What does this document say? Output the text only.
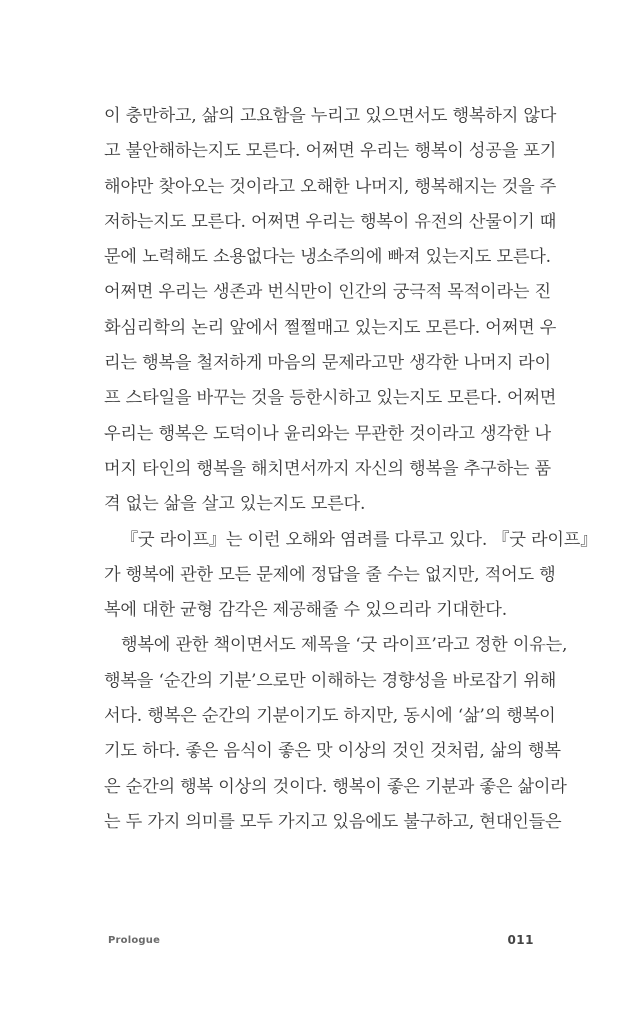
이 충만하고, 삶의 고요함을 누리고 있으면서도 행복하지 않다
고 불안해하는지도 모른다. 어쩌면 우리는 행복이 성공을 포기
해야만 찾아오는 것이라고 오해한 나머지, 행복해지는 것을 주
저하는지도 모른다. 어쩌면 우리는 행복이 유전의 산물이기 때
문에 노력해도 소용없다는 냉소주의에 빠져 있는지도 모른다.
어쩌면 우리는 생존과 번식만이 인간의 궁극적 목적이라는 진
화심리학의 논리 앞에서 쩔쩔매고 있는지도 모른다. 어쩌면 우
리는 행복을 철저하게 마음의 문제라고만 생각한 나머지 라이
프 스타일을 바꾸는 것을 등한시하고 있는지도 모른다. 어쩌면
우리는 행복은 도덕이나 윤리와는 무관한 것이라고 생각한 나
머지 타인의 행복을 해치면서까지 자신의 행복을 추구하는 품
격 없는 삶을 살고 있는지도 모른다.
『굿 라이프』는 이런 오해와 염려를 다루고 있다. 『굿 라이프』
가 행복에 관한 모든 문제에 정답을 줄 수는 없지만, 적어도 행
복에 대한 균형 감각은 제공해줄 수 있으리라 기대한다.
행복에 관한 책이면서도 제목을 ‘굿 라이프’라고 정한 이유는,
행복을 ‘순간의 기분’으로만 이해하는 경향성을 바로잡기 위해
서다. 행복은 순간의 기분이기도 하지만, 동시에 ‘삶’의 행복이
기도 하다. 좋은 음식이 좋은 맛 이상의 것인 것처럼, 삶의 행복
은 순간의 행복 이상의 것이다. 행복이 좋은 기분과 좋은 삶이라
는 두 가지 의미를 모두 가지고 있음에도 불구하고, 현대인들은
Prologue	011
